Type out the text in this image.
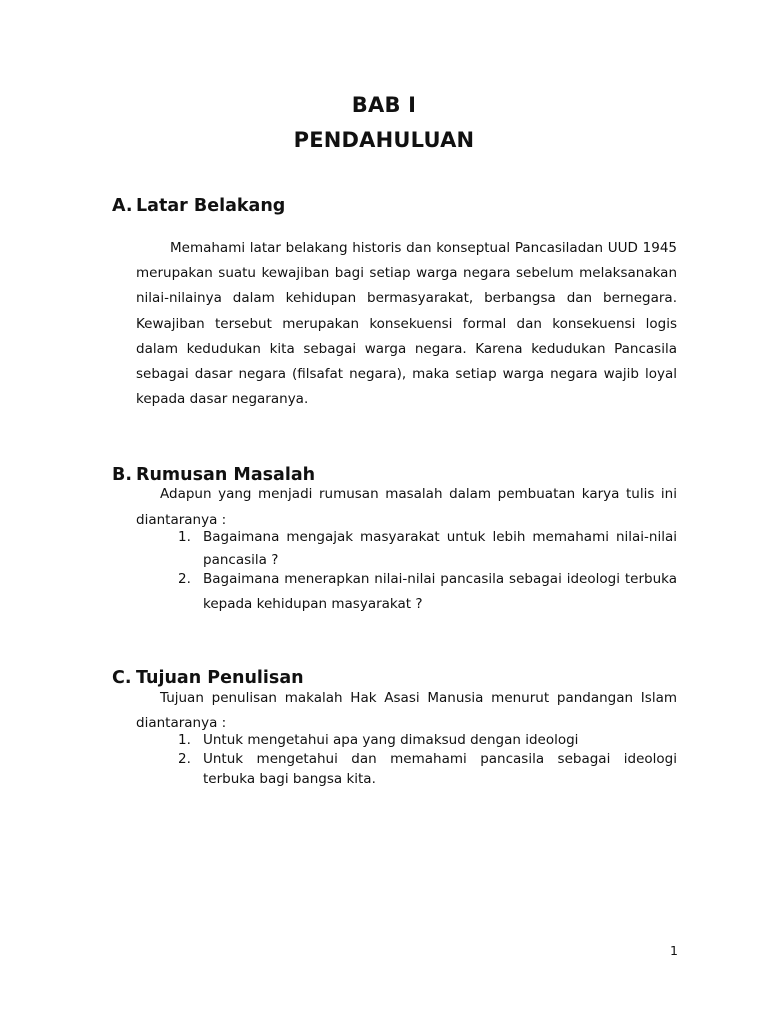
BAB I
PENDAHULUAN
A. Latar Belakang
Memahami latar belakang historis dan konseptual Pancasiladan UUD 1945 merupakan suatu kewajiban bagi setiap warga negara sebelum melaksanakan nilai-nilainya dalam kehidupan bermasyarakat, berbangsa dan bernegara. Kewajiban tersebut merupakan konsekuensi formal dan konsekuensi logis dalam kedudukan kita sebagai warga negara. Karena kedudukan Pancasila sebagai dasar negara (filsafat negara), maka setiap warga negara wajib loyal kepada dasar negaranya.
B. Rumusan Masalah
Adapun yang menjadi rumusan masalah dalam pembuatan karya tulis ini
diantaranya :
1. Bagaimana mengajak masyarakat untuk lebih memahami nilai-nilai pancasila ?
2. Bagaimana menerapkan nilai-nilai pancasila sebagai ideologi terbuka kepada kehidupan masyarakat ?
C. Tujuan Penulisan
Tujuan penulisan makalah Hak Asasi Manusia menurut pandangan Islam
diantaranya :
1. Untuk mengetahui apa yang dimaksud dengan ideologi
2. Untuk mengetahui dan memahami pancasila sebagai ideologi terbuka bagi bangsa kita.
1
